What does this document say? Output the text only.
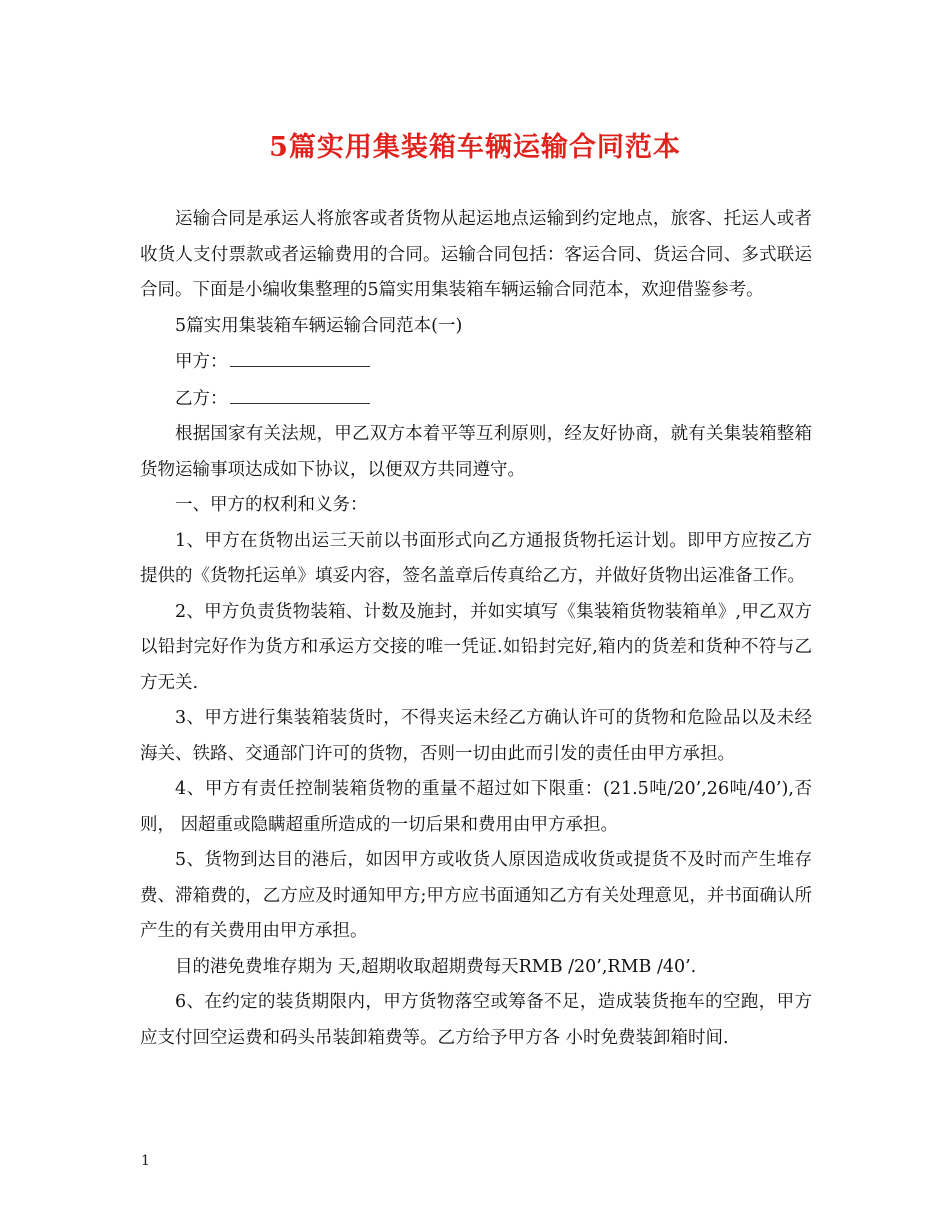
5篇实用集装箱车辆运输合同范本

运输合同是承运人将旅客或者货物从起运地点运输到约定地点，旅客、托运人或者收货人支付票款或者运输费用的合同。运输合同包括：客运合同、货运合同、多式联运合同。下面是小编收集整理的5篇实用集装箱车辆运输合同范本，欢迎借鉴参考。

5篇实用集装箱车辆运输合同范本(一)

甲方：

乙方：

根据国家有关法规，甲乙双方本着平等互利原则，经友好协商，就有关集装箱整箱货物运输事项达成如下协议，以便双方共同遵守。

一、甲方的权利和义务：

1、甲方在货物出运三天前以书面形式向乙方通报货物托运计划。即甲方应按乙方提供的《货物托运单》填妥内容，签名盖章后传真给乙方，并做好货物出运准备工作。

2、甲方负责货物装箱、计数及施封，并如实填写《集装箱货物装箱单》,甲乙双方以铅封完好作为货方和承运方交接的唯一凭证.如铅封完好,箱内的货差和货种不符与乙方无关.

3、甲方进行集装箱装货时，不得夹运未经乙方确认许可的货物和危险品以及未经海关、铁路、交通部门许可的货物，否则一切由此而引发的责任由甲方承担。

4、甲方有责任控制装箱货物的重量不超过如下限重：(21.5吨/20’,26吨/40’),否则， 因超重或隐瞒超重所造成的一切后果和费用由甲方承担。

5、货物到达目的港后，如因甲方或收货人原因造成收货或提货不及时而产生堆存费、滞箱费的，乙方应及时通知甲方;甲方应书面通知乙方有关处理意见，并书面确认所产生的有关费用由甲方承担。

目的港免费堆存期为 天,超期收取超期费每天RMB /20’,RMB /40’.

6、在约定的装货期限内，甲方货物落空或筹备不足，造成装货拖车的空跑，甲方应支付回空运费和码头吊装卸箱费等。乙方给予甲方各 小时免费装卸箱时间.

1
